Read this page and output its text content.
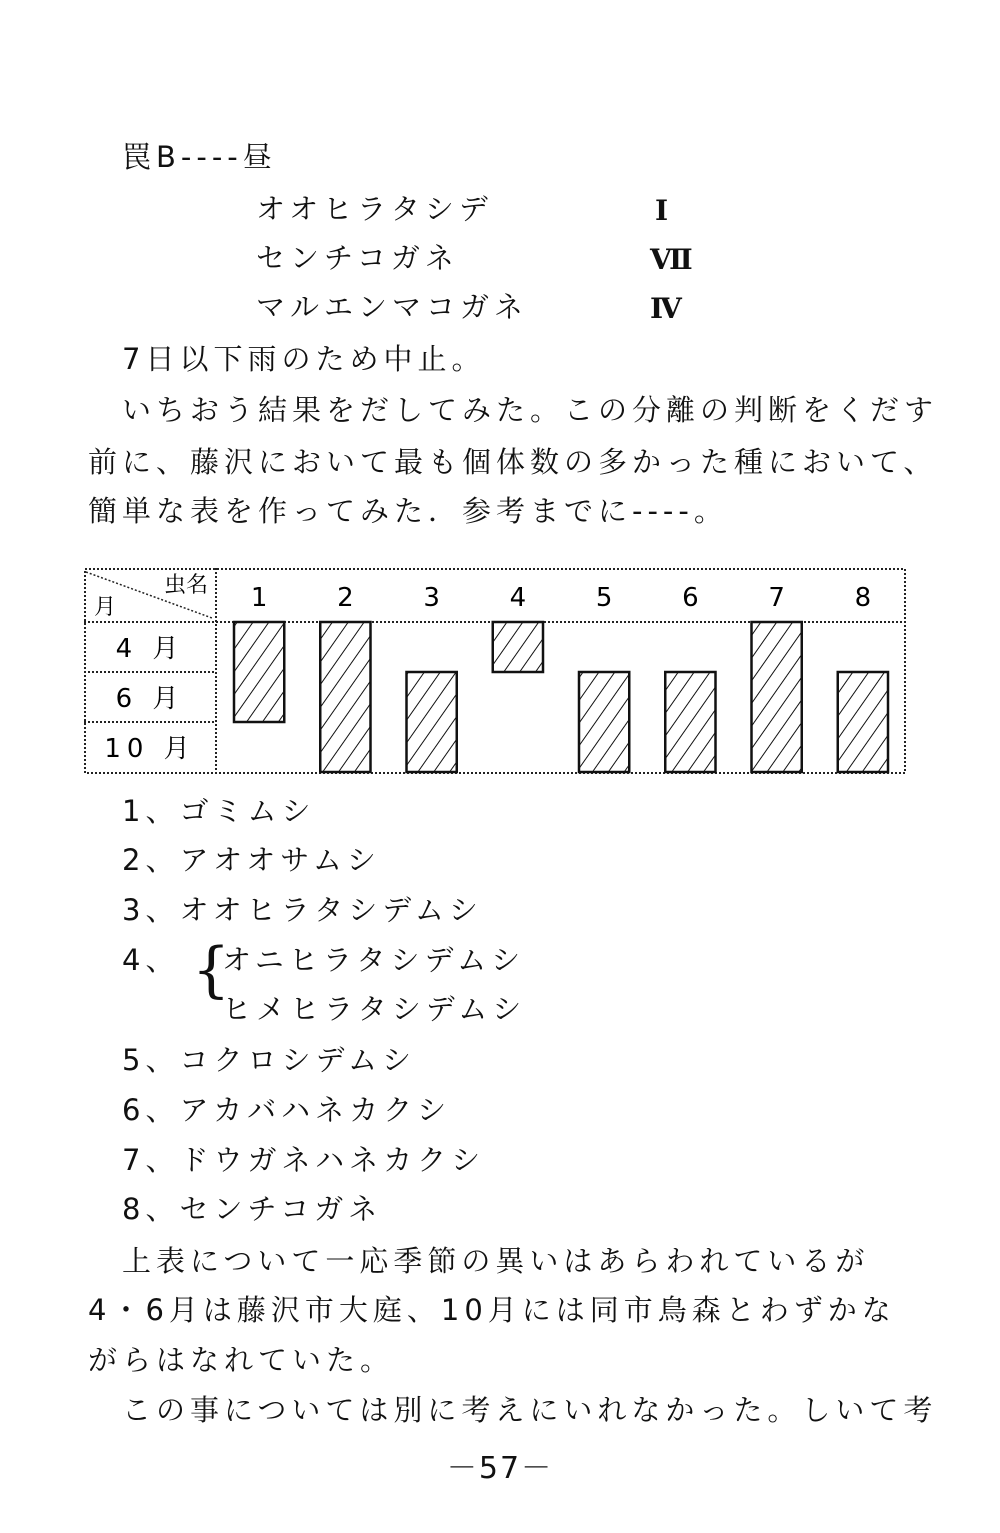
罠B----昼
オオヒラタシデ	Ⅰ
センチコガネ	Ⅶ
マルエンマコガネ	Ⅳ
7日以下雨のため中止。
いちおう結果をだしてみた。この分離の判断をくだす
前に、藤沢において最も個体数の多かった種において、
簡単な表を作ってみた．参考までに----。
虫名
月	1	2	3	4	5	6	7	8
4 月
6 月
10 月
1、ゴミムシ
2、アオオサムシ
3、オオヒラタシデムシ
4、 {
オニヒラタシデムシ
ヒメヒラタシデムシ
5、コクロシデムシ
6、アカバハネカクシ
7、ドウガネハネカクシ
8、センチコガネ
上表について一応季節の異いはあらわれているが
4・6月は藤沢市大庭、10月には同市鳥森とわずかな
がらはなれていた。
この事については別に考えにいれなかった。しいて考
－57－
